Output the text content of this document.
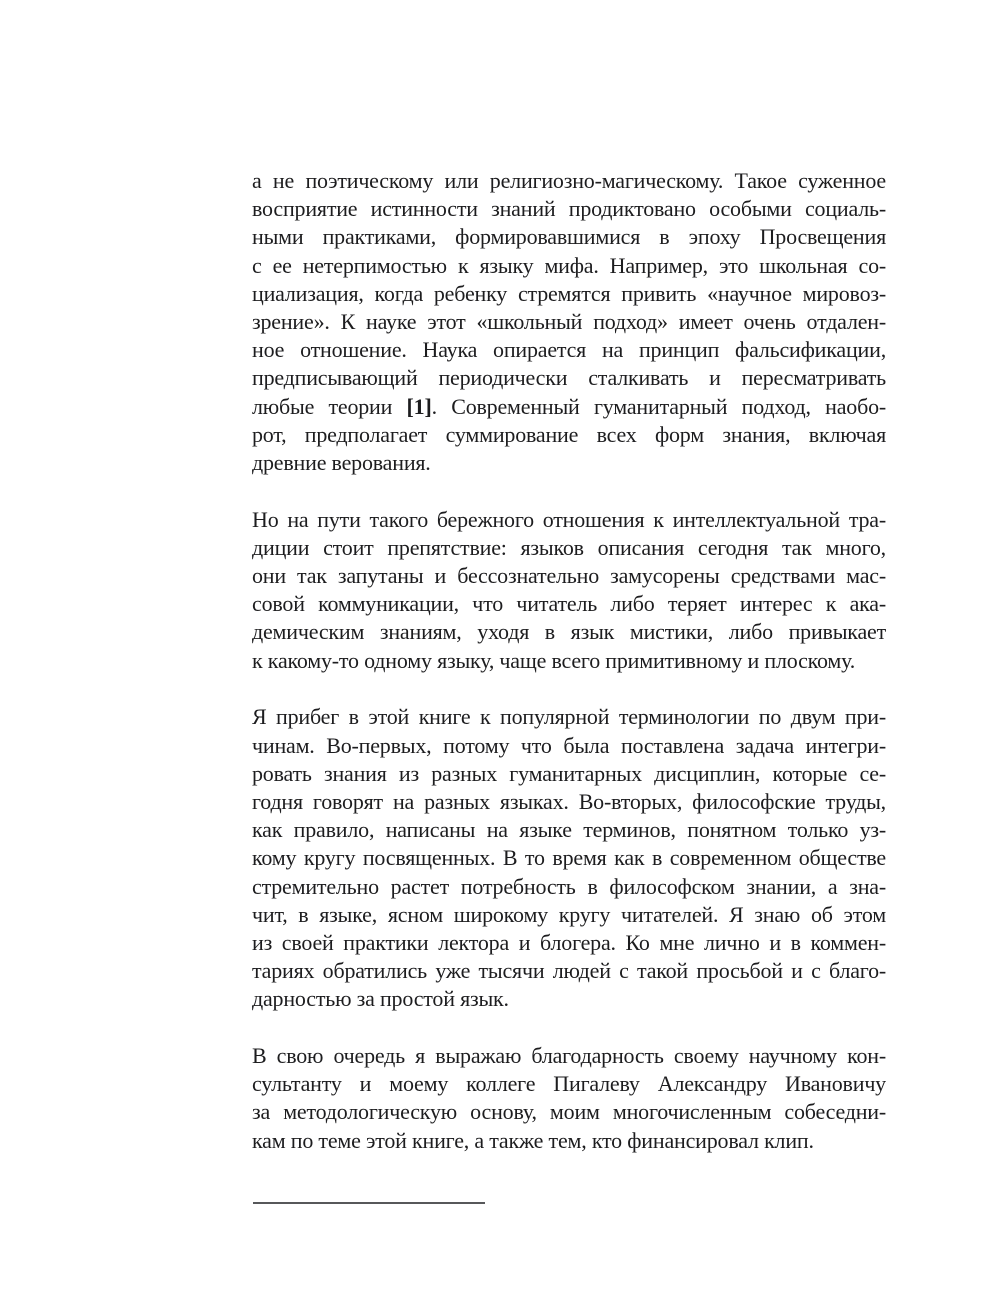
а не поэтическому или религиозно-магическому. Такое суженное
восприятие истинности знаний продиктовано особыми социаль-
ными практиками, формировавшимися в эпоху Просвещения
с ее нетерпимостью к языку мифа. Например, это школьная со-
циализация, когда ребенку стремятся привить «научное мировоз-
зрение». К науке этот «школьный подход» имеет очень отдален-
ное отношение. Наука опирается на принцип фальсификации,
предписывающий периодически сталкивать и пересматривать
любые теории [1]. Современный гуманитарный подход, наобо-
рот, предполагает суммирование всех форм знания, включая
древние верования.

Но на пути такого бережного отношения к интеллектуальной тра-
диции стоит препятствие: языков описания сегодня так много,
они так запутаны и бессознательно замусорены средствами мас-
совой коммуникации, что читатель либо теряет интерес к ака-
демическим знаниям, уходя в язык мистики, либо привыкает
к какому-то одному языку, чаще всего примитивному и плоскому.

Я прибег в этой книге к популярной терминологии по двум при-
чинам. Во-первых, потому что была поставлена задача интегри-
ровать знания из разных гуманитарных дисциплин, которые се-
годня говорят на разных языках. Во-вторых, философские труды,
как правило, написаны на языке терминов, понятном только уз-
кому кругу посвященных. В то время как в современном обществе
стремительно растет потребность в философском знании, а зна-
чит, в языке, ясном широкому кругу читателей. Я знаю об этом
из своей практики лектора и блогера. Ко мне лично и в коммен-
тариях обратились уже тысячи людей с такой просьбой и с благо-
дарностью за простой язык.

В свою очередь я выражаю благодарность своему научному кон-
сультанту и моему коллеге Пигалеву Александру Ивановичу
за методологическую основу, моим многочисленным собеседни-
кам по теме этой книге, а также тем, кто финансировал клип.
